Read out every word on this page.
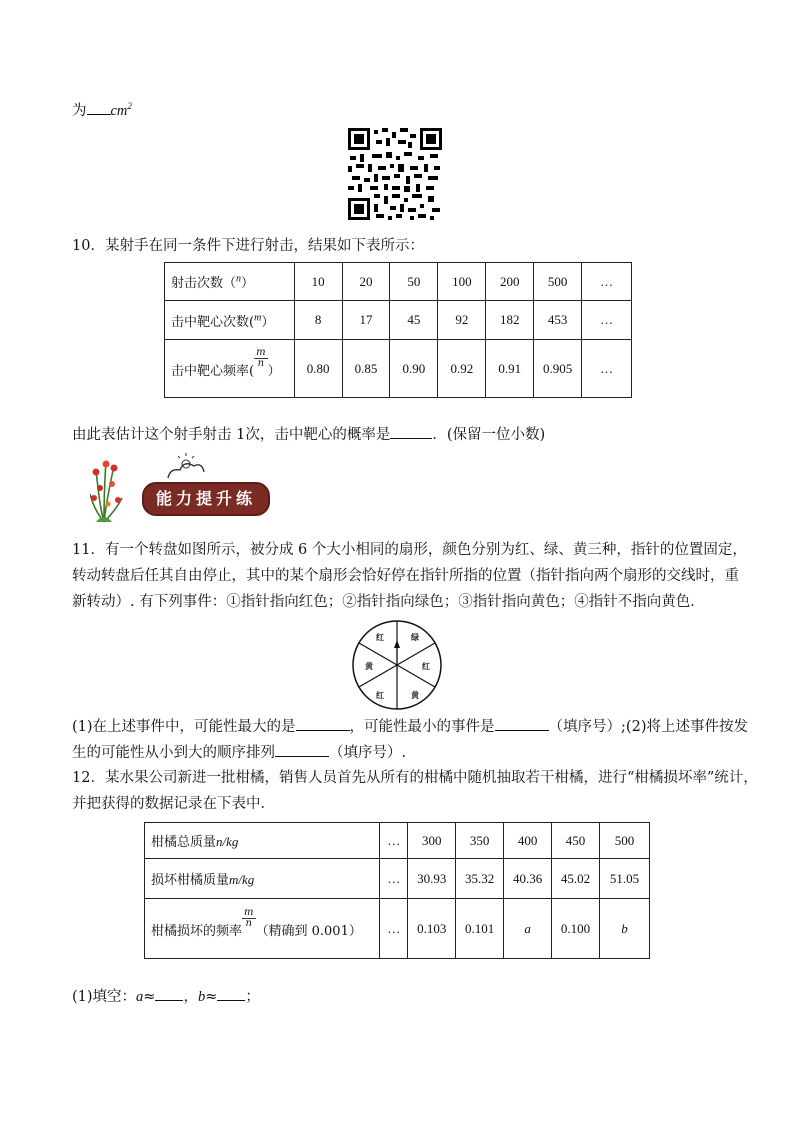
为 $cm^2$
10．某射手在同一条件下进行射击，结果如下表所示：
射击次数（$^n$）	10	20	50	100	200	500	…
击中靶心次数($^m$）	8	17	45	92	182	453	…
击中靶心频率(
$\frac{m}{n}$
）	0.80	0.85	0.90	0.92	0.91	0.905	…
由此表估计这个射手射击 1次，击中靶心的概率是	．(保留一位小数)
能力提升练
11．有一个转盘如图所示，被分成 6 个大小相同的扇形，颜色分别为红、绿、黄三种，指针的位置固定，
转动转盘后任其自由停止，其中的某个扇形会恰好停在指针所指的位置（指针指向两个扇形的交线时，重
新转动）. 有下列事件：①指针指向红色；②指针指向绿色；③指针指向黄色；④指针不指向黄色．
绿
红
黄
红
黄
红
(1)在上述事件中，可能性最大的是	，可能性最小的事件是	（填序号）;(2)将上述事件按发
生的可能性从小到大的顺序排列	（填序号）.
12．某水果公司新进一批柑橘，销售人员首先从所有的柑橘中随机抽取若干柑橘，进行“柑橘损坏率”统计，
并把获得的数据记录在下表中．
柑橘总质量n/kg	…	300	350	400	450	500
损坏柑橘质量m/kg	…	30.93	35.32	40.36	45.02	51.05
柑橘损坏的频率
$\frac{m}{n}$
（精确到 0.001）	…	0.103	0.101	a	0.100	b
(1)填空：a≈ ，b≈ ；
